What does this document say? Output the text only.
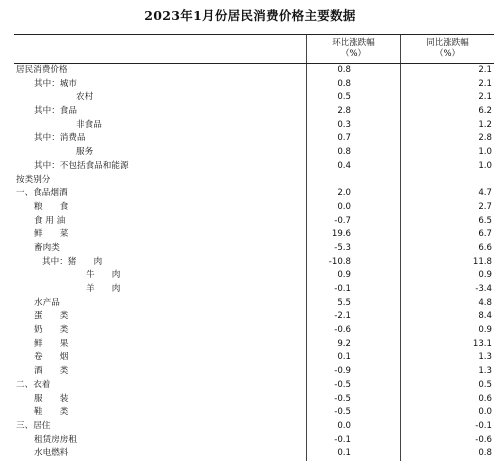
2023年1月份居民消费价格主要数据
环比涨跌幅
（%）
同比涨跌幅
（%）
居民消费价格	0.8	2.1
其中：城市	0.8	2.1
农村	0.5	2.1
其中：食品	2.8	6.2
非食品	0.3	1.2
其中：消费品	0.7	2.8
服务	0.8	1.0
其中：不包括食品和能源	0.4	1.0
按类别分
一、食品烟酒	2.0	4.7
粮　　食	0.0	2.7
食 用 油	-0.7	6.5
鲜　　菜	19.6	6.7
畜肉类	-5.3	6.6
其中：猪　　肉	-10.8	11.8
牛　　肉	0.9	0.9
羊　　肉	-0.1	-3.4
水产品	5.5	4.8
蛋　　类	-2.1	8.4
奶　　类	-0.6	0.9
鲜　　果	9.2	13.1
卷　　烟	0.1	1.3
酒　　类	-0.9	1.3
二、衣着	-0.5	0.5
服　　装	-0.5	0.6
鞋　　类	-0.5	0.0
三、居住	0.0	-0.1
租赁房房租	-0.1	-0.6
水电燃料	0.1	0.8
